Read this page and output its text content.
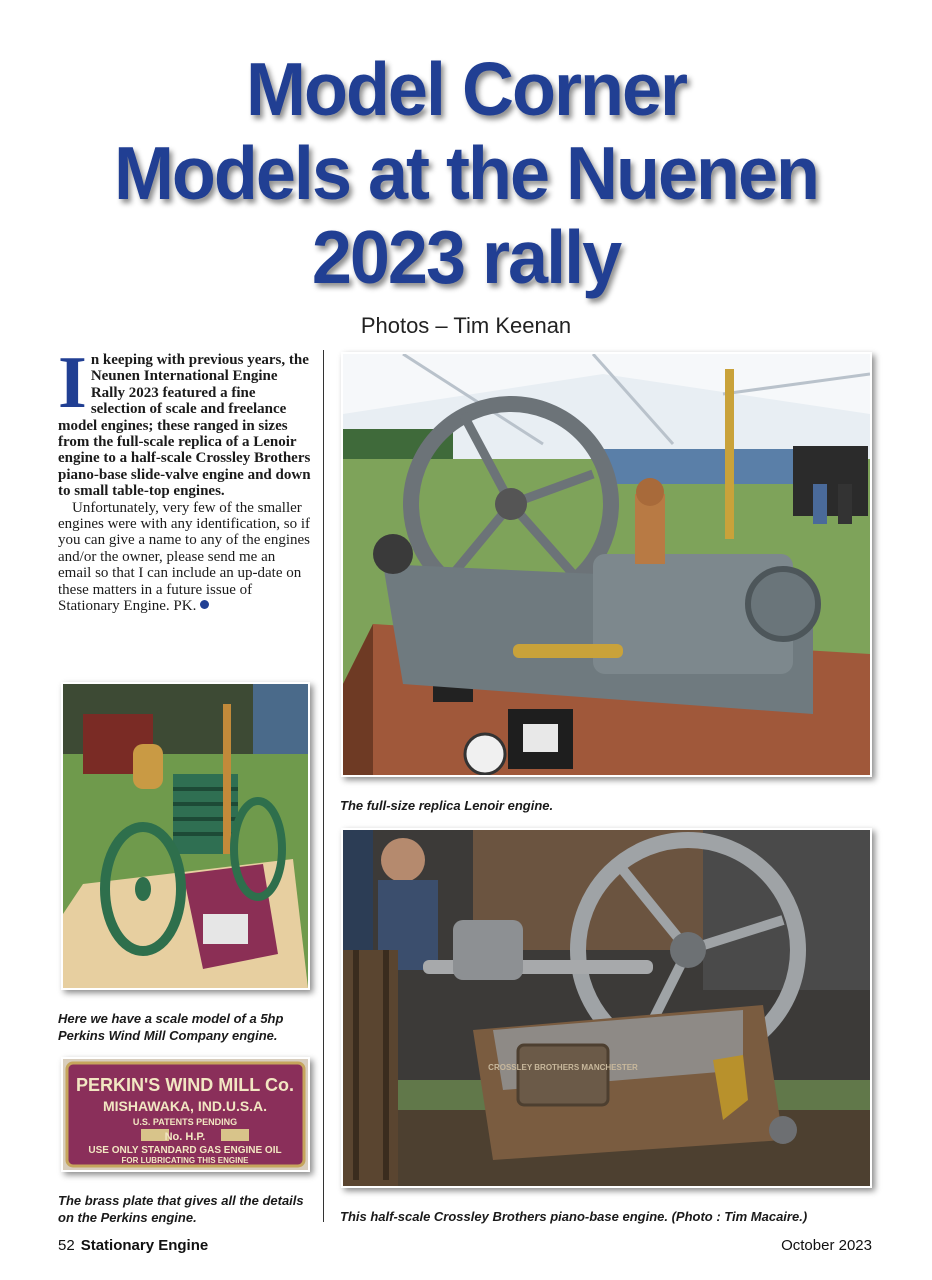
Model Corner
Models at the Nuenen
2023 rally
Photos – Tim Keenan
I n keeping with previous years, the Neunen International Engine Rally 2023 featured a fine selection of scale and freelance model engines; these ranged in sizes from the full-scale replica of a Lenoir engine to a half-scale Crossley Brothers piano-base slide-valve engine and down to small table-top engines.

Unfortunately, very few of the smaller engines were with any identification, so if you can give a name to any of the engines and/or the owner, please send me an email so that I can include an up-date on these matters in a future issue of Stationary Engine. PK.

The full-size replica Lenoir engine.
Here we have a scale model of a 5hp Perkins Wind Mill Company engine.
PERKIN'S WIND MILL Co.
MISHAWAKA, IND.U.S.A.
U.S. PATENTS PENDING
No. H.P.
USE ONLY STANDARD GAS ENGINE OIL
FOR LUBRICATING THIS ENGINE
The brass plate that gives all the details on the Perkins engine.
CROSSLEY BROTHERS MANCHESTER
This half-scale Crossley Brothers piano-base engine. (Photo : Tim Macaire.)
52 Stationary Engine	October 2023
